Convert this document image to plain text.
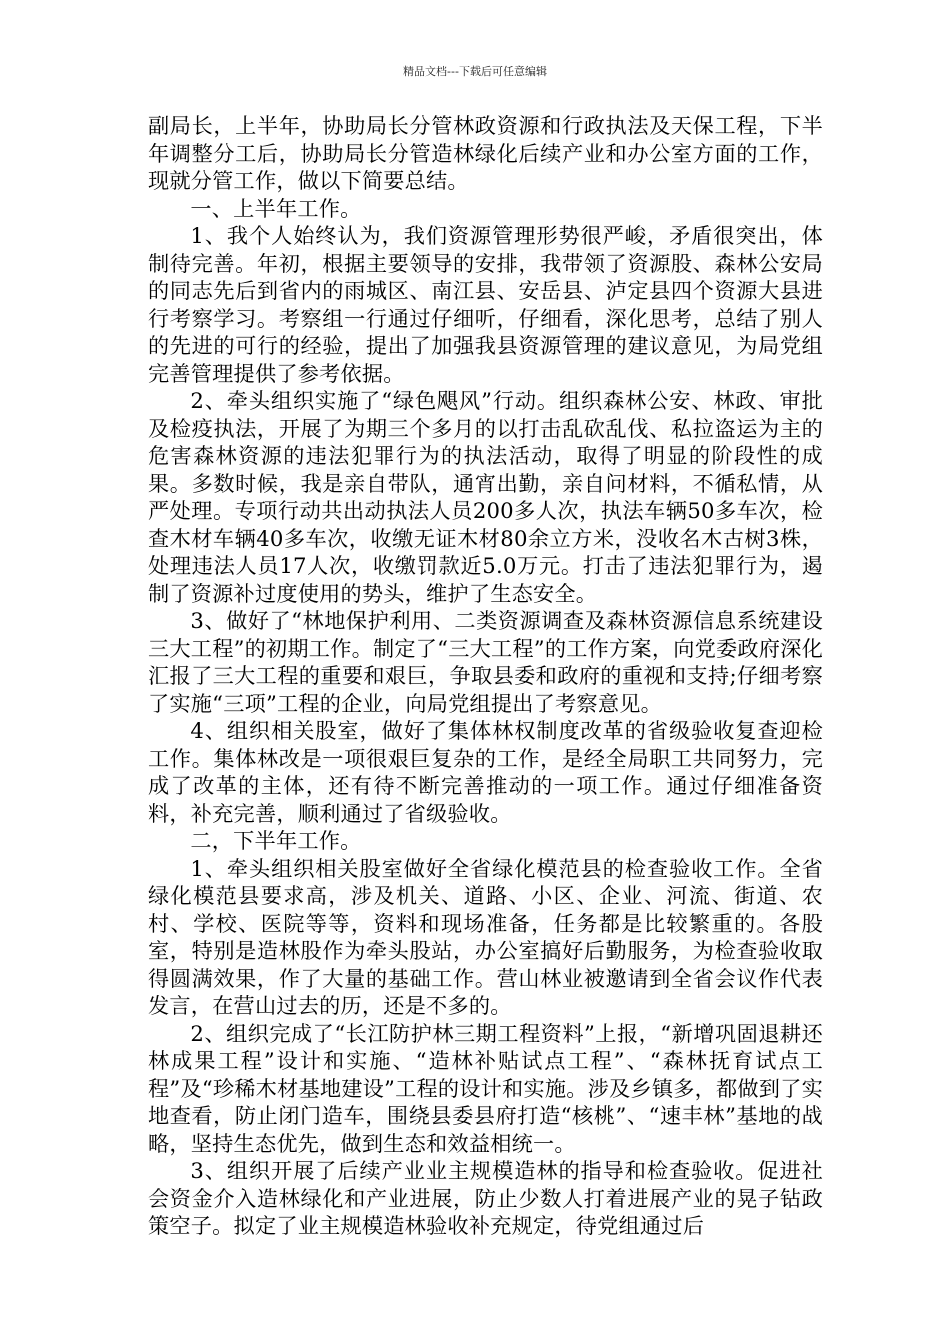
精品文档---下载后可任意编辑

副局长，上半年，协助局长分管林政资源和行政执法及天保工程，下半年调整分工后，协助局长分管造林绿化后续产业和办公室方面的工作，现就分管工作，做以下简要总结。

一、上半年工作。

1、我个人始终认为，我们资源管理形势很严峻，矛盾很突出，体制待完善。年初，根据主要领导的安排，我带领了资源股、森林公安局的同志先后到省内的雨城区、南江县、安岳县、泸定县四个资源大县进行考察学习。考察组一行通过仔细听，仔细看，深化思考，总结了别人的先进的可行的经验，提出了加强我县资源管理的建议意见，为局党组完善管理提供了参考依据。

2、牵头组织实施了“绿色飓风”行动。组织森林公安、林政、审批及检疫执法，开展了为期三个多月的以打击乱砍乱伐、私拉盗运为主的危害森林资源的违法犯罪行为的执法活动，取得了明显的阶段性的成果。多数时候，我是亲自带队，通宵出勤，亲自问材料，不循私情，从严处理。专项行动共出动执法人员200多人次，执法车辆50多车次，检查木材车辆40多车次，收缴无证木材80余立方米，没收名木古树3株，处理违法人员17人次，收缴罚款近5.0万元。打击了违法犯罪行为，遏制了资源补过度使用的势头，维护了生态安全。

3、做好了“林地保护利用、二类资源调查及森林资源信息系统建设三大工程”的初期工作。制定了“三大工程”的工作方案，向党委政府深化汇报了三大工程的重要和艰巨，争取县委和政府的重视和支持;仔细考察了实施“三项”工程的企业，向局党组提出了考察意见。

4、组织相关股室，做好了集体林权制度改革的省级验收复查迎检工作。集体林改是一项很艰巨复杂的工作，是经全局职工共同努力，完成了改革的主体，还有待不断完善推动的一项工作。通过仔细准备资料，补充完善，顺利通过了省级验收。

二，下半年工作。

1、牵头组织相关股室做好全省绿化模范县的检查验收工作。全省绿化模范县要求高，涉及机关、道路、小区、企业、河流、街道、农村、学校、医院等等，资料和现场准备，任务都是比较繁重的。各股室，特别是造林股作为牵头股站，办公室搞好后勤服务，为检查验收取得圆满效果，作了大量的基础工作。营山林业被邀请到全省会议作代表发言，在营山过去的历，还是不多的。

2、组织完成了“长江防护林三期工程资料”上报，“新增巩固退耕还林成果工程”设计和实施、“造林补贴试点工程”、“森林抚育试点工程”及“珍稀木材基地建设”工程的设计和实施。涉及乡镇多，都做到了实地查看，防止闭门造车，围绕县委县府打造“核桃”、“速丰林”基地的战略，坚持生态优先，做到生态和效益相统一。

3、组织开展了后续产业业主规模造林的指导和检查验收。促进社会资金介入造林绿化和产业进展，防止少数人打着进展产业的晃子钻政策空子。拟定了业主规模造林验收补充规定，待党组通过后
